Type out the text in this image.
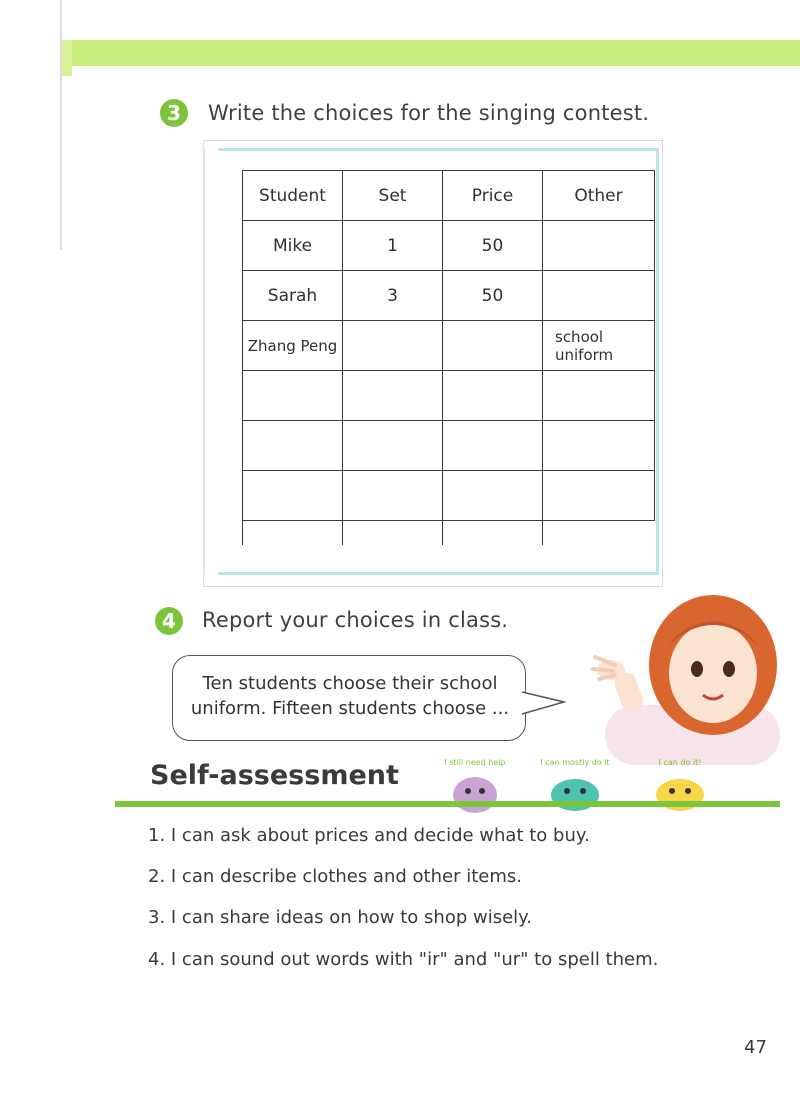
3	Write the choices for the singing contest.
Student	Set	Price	Other
Mike	1	50	
Sarah	3	50	
Zhang Peng			school uniform

4	Report your choices in class.
Ten students choose their school
uniform. Fifteen students choose ...
Self-assessment	I still need help	I can mostly do it	I can do it!
1. I can ask about prices and decide what to buy.
2. I can describe clothes and other items.
3. I can share ideas on how to shop wisely.
4. I can sound out words with "ir" and "ur" to spell them.
47
